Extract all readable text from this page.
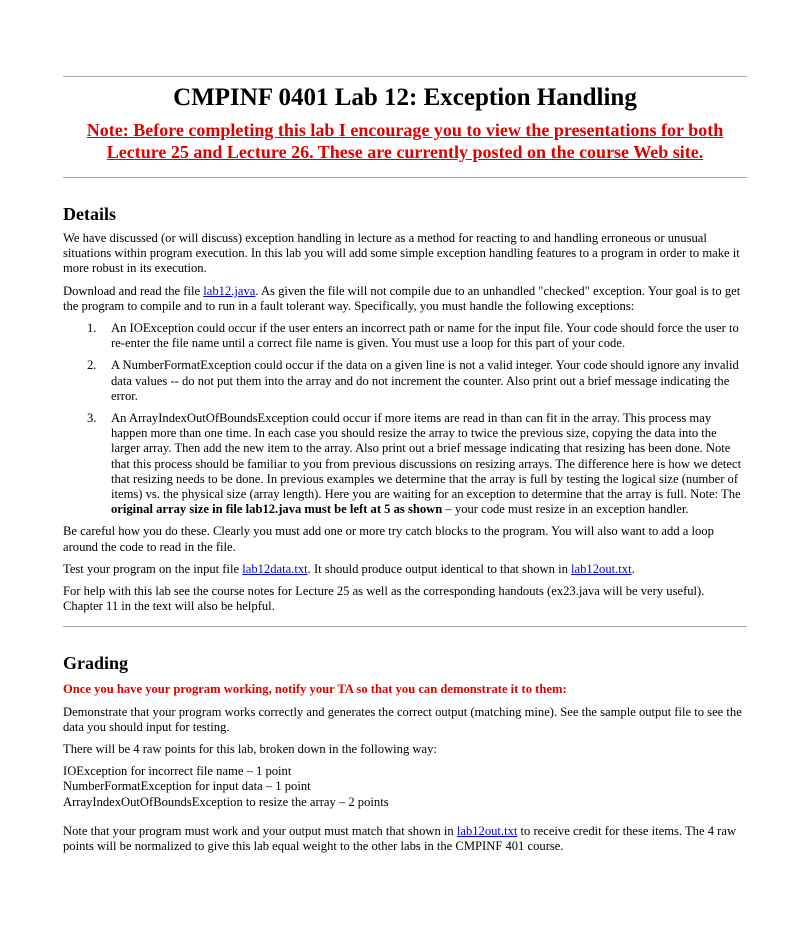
CMPINF 0401 Lab 12: Exception Handling
Note: Before completing this lab I encourage you to view the presentations for both Lecture 25 and Lecture 26. These are currently posted on the course Web site.
Details

We have discussed (or will discuss) exception handling in lecture as a method for reacting to and handling erroneous or unusual situations within program execution. In this lab you will add some simple exception handling features to a program in order to make it more robust in its execution.

Download and read the file lab12.java. As given the file will not compile due to an unhandled "checked" exception. Your goal is to get the program to compile and to run in a fault tolerant way. Specifically, you must handle the following exceptions:

1. An IOException could occur if the user enters an incorrect path or name for the input file. Your code should force the user to re-enter the file name until a correct file name is given. You must use a loop for this part of your code.
2. A NumberFormatException could occur if the data on a given line is not a valid integer. Your code should ignore any invalid data values -- do not put them into the array and do not increment the counter. Also print out a brief message indicating the error.
3. An ArrayIndexOutOfBoundsException could occur if more items are read in than can fit in the array. This process may happen more than one time. In each case you should resize the array to twice the previous size, copying the data into the larger array. Then add the new item to the array. Also print out a brief message indicating that resizing has been done. Note that this process should be familiar to you from previous discussions on resizing arrays. The difference here is how we detect that resizing needs to be done. In previous examples we determine that the array is full by testing the logical size (number of items) vs. the physical size (array length). Here you are waiting for an exception to determine that the array is full. Note: The original array size in file lab12.java must be left at 5 as shown – your code must resize in an exception handler.

Be careful how you do these. Clearly you must add one or more try catch blocks to the program. You will also want to add a loop around the code to read in the file.

Test your program on the input file lab12data.txt. It should produce output identical to that shown in lab12out.txt.

For help with this lab see the course notes for Lecture 25 as well as the corresponding handouts (ex23.java will be very useful). Chapter 11 in the text will also be helpful.

Grading

Once you have your program working, notify your TA so that you can demonstrate it to them:

Demonstrate that your program works correctly and generates the correct output (matching mine). See the sample output file to see the data you should input for testing.

There will be 4 raw points for this lab, broken down in the following way:

IOException for incorrect file name – 1 point
NumberFormatException for input data – 1 point
ArrayIndexOutOfBoundsException to resize the array – 2 points

Note that your program must work and your output must match that shown in lab12out.txt to receive credit for these items. The 4 raw points will be normalized to give this lab equal weight to the other labs in the CMPINF 401 course.
